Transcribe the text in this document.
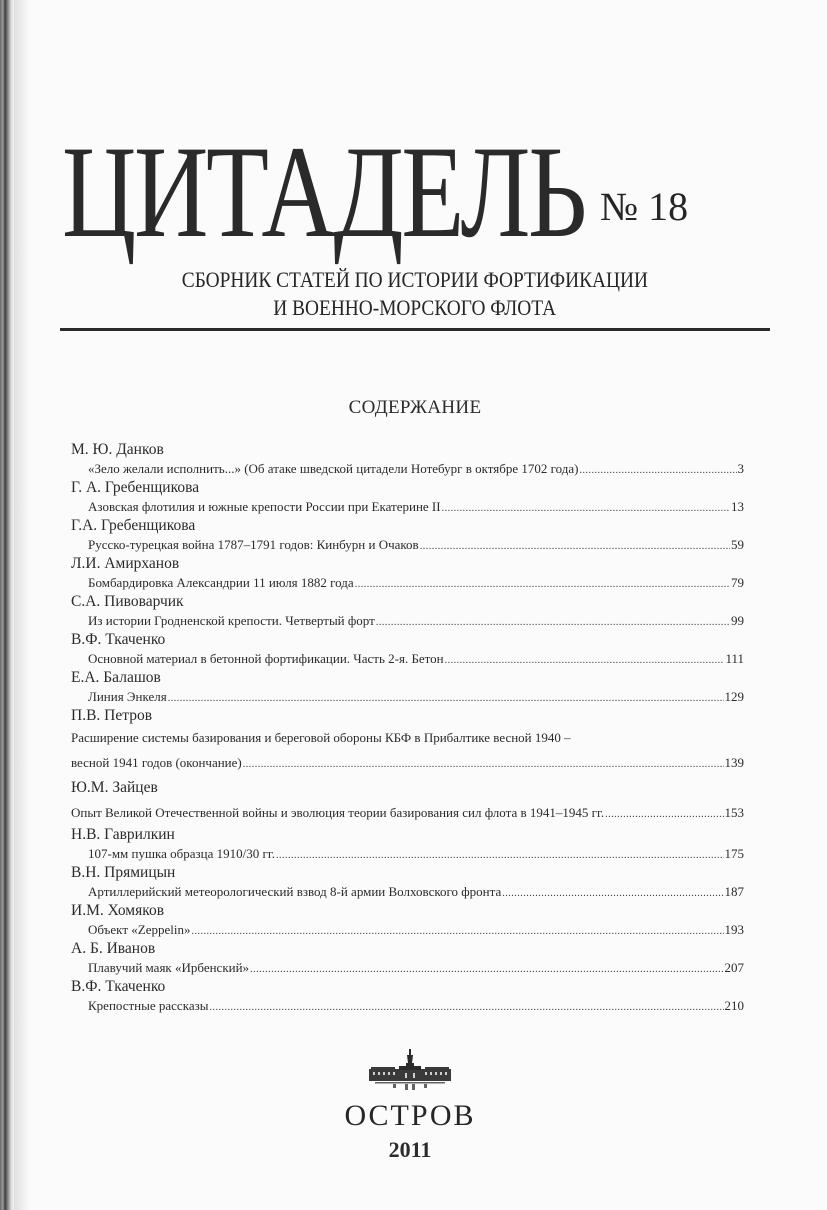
ЦИТАДЕЛЬ № 18
СБОРНИК СТАТЕЙ ПО ИСТОРИИ ФОРТИФИКАЦИИ
И ВОЕННО-МОРСКОГО ФЛОТА
СОДЕРЖАНИЕ
М. Ю. Данков
«Зело желали исполнить...» (Об атаке шведской цитадели Нотебург в октябре 1702 года) .....	3
Г. А. Гребенщикова
Азовская флотилия и южные крепости России при Екатерине II .....	13
Г.А. Гребенщикова
Русско-турецкая война 1787–1791 годов: Кинбурн и Очаков .....	59
Л.И. Амирханов
Бомбардировка Александрии 11 июля 1882 года .....	79
С.А. Пивоварчик
Из истории Гродненской крепости. Четвертый форт .....	99
В.Ф. Ткаченко
Основной материал в бетонной фортификации. Часть 2-я. Бетон .....	111
Е.А. Балашов
Линия Энкеля .....	129
П.В. Петров
Расширение системы базирования и береговой обороны КБФ в Прибалтике весной 1940 –
весной 1941 годов (окончание) .....	139
Ю.М. Зайцев
Опыт Великой Отечественной войны и эволюция теории базирования сил флота в 1941–1945 гг. .....	153
Н.В. Гаврилкин
107-мм пушка образца 1910/30 гг. .....	175
В.Н. Прямицын
Артиллерийский метеорологический взвод 8-й армии Волховского фронта .....	187
И.М. Хомяков
Объект «Zeppelin» .....	193
А. Б. Иванов
Плавучий маяк «Ирбенский» .....	207
В.Ф. Ткаченко
Крепостные рассказы .....	210
ОСТРОВ
2011
